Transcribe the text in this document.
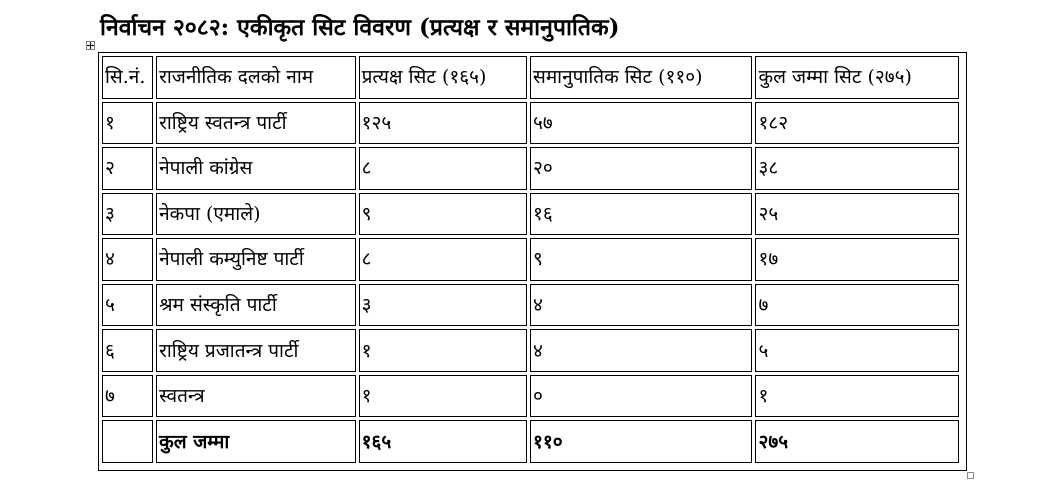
निर्वाचन २०८२: एकीकृत सिट विवरण (प्रत्यक्ष र समानुपातिक)
सि.नं.	राजनीतिक दलको नाम	प्रत्यक्ष सिट (१६५)	समानुपातिक सिट (११०)	कुल जम्मा सिट (२७५)
१	राष्ट्रिय स्वतन्त्र पार्टी	१२५	५७	१८२
२	नेपाली कांग्रेस	८	२०	३८
३	नेकपा (एमाले)	९	१६	२५
४	नेपाली कम्युनिष्ट पार्टी	८	९	१७
५	श्रम संस्कृति पार्टी	३	४	७
६	राष्ट्रिय प्रजातन्त्र पार्टी	१	४	५
७	स्वतन्त्र	१	०	१
	कुल जम्मा	१६५	११०	२७५
